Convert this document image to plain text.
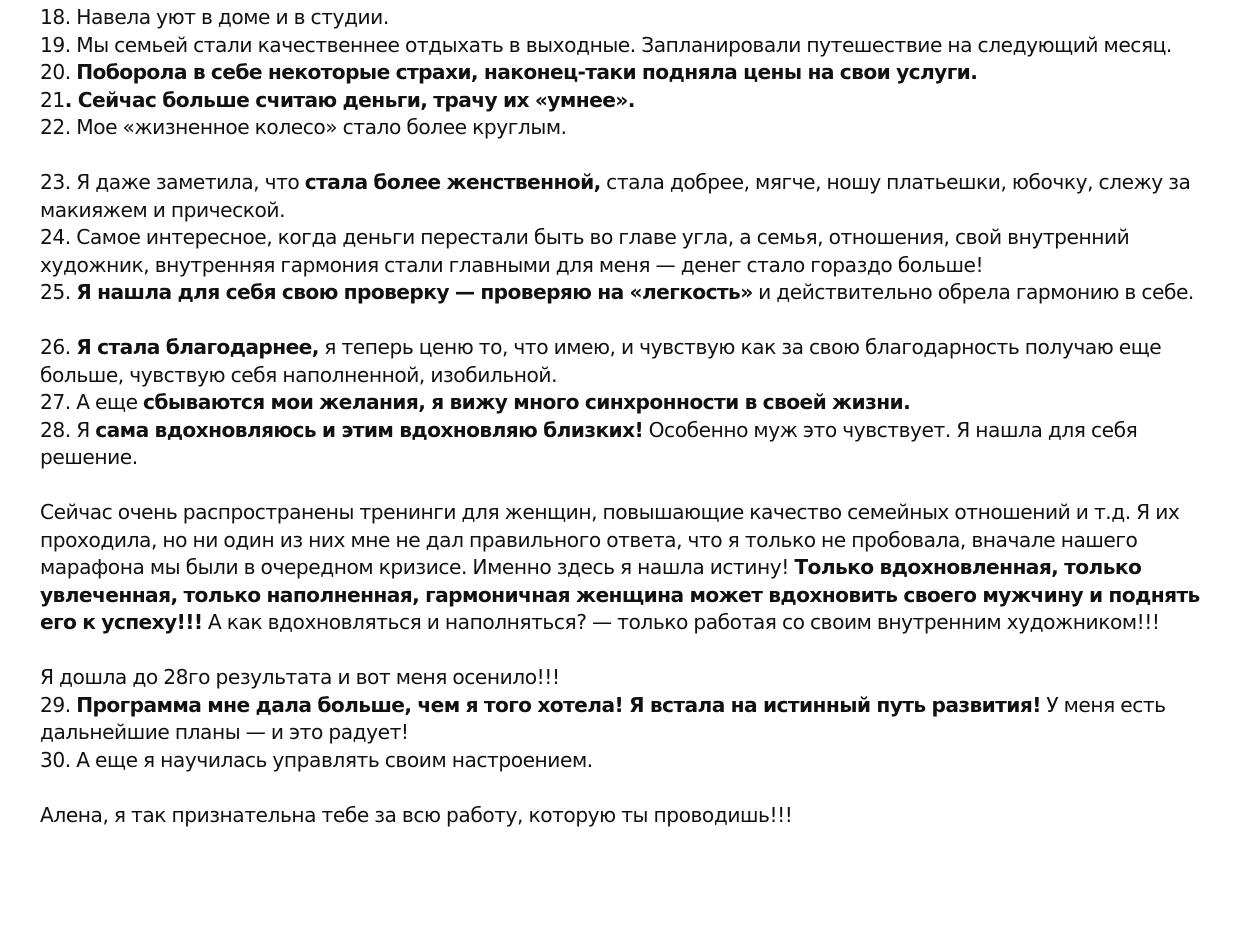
18. Навела уют в доме и в студии.

19. Мы семьей стали качественнее отдыхать в выходные. Запланировали путешествие на следующий месяц.

20. Поборола в себе некоторые страхи, наконец-таки подняла цены на свои услуги.

21. Сейчас больше считаю деньги, трачу их «умнее».

22. Мое «жизненное колесо» стало более круглым.

23. Я даже заметила, что стала более женственной, стала добрее, мягче, ношу платьешки, юбочку, слежу за макияжем и прической.

24. Самое интересное, когда деньги перестали быть во главе угла, а семья, отношения, свой внутренний художник, внутренняя гармония стали главными для меня — денег стало гораздо больше!

25. Я нашла для себя свою проверку — проверяю на «легкость» и действительно обрела гармонию в себе.

26. Я стала благодарнее, я теперь ценю то, что имею, и чувствую как за свою благодарность получаю еще больше, чувствую себя наполненной, изобильной.

27. А еще сбываются мои желания, я вижу много синхронности в своей жизни.

28. Я сама вдохновляюсь и этим вдохновляю близких! Особенно муж это чувствует. Я нашла для себя решение.

Сейчас очень распространены тренинги для женщин, повышающие качество семейных отношений и т.д. Я их проходила, но ни один из них мне не дал правильного ответа, что я только не пробовала, вначале нашего марафона мы были в очередном кризисе. Именно здесь я нашла истину! Только вдохновленная, только увлеченная, только наполненная, гармоничная женщина может вдохновить своего мужчину и поднять его к успеху!!! А как вдохновляться и наполняться? — только работая со своим внутренним художником!!!

Я дошла до 28го результата и вот меня осенило!!!

29. Программа мне дала больше, чем я того хотела! Я встала на истинный путь развития! У меня есть дальнейшие планы — и это радует!

30. А еще я научилась управлять своим настроением.

Алена, я так признательна тебе за всю работу, которую ты проводишь!!!
